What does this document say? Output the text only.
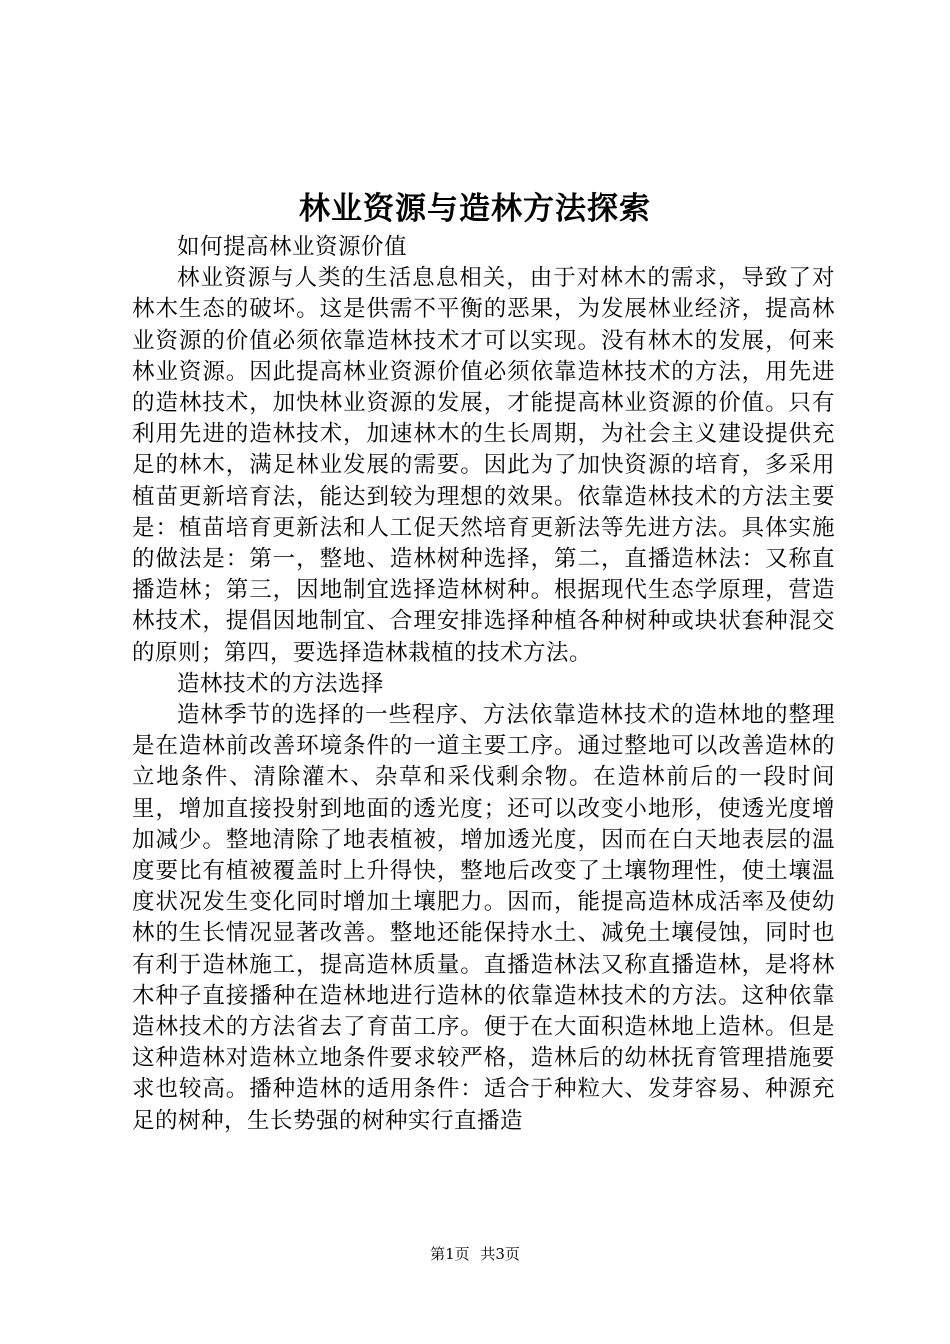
林业资源与造林方法探索

如何提高林业资源价值

林业资源与人类的生活息息相关，由于对林木的需求，导致了对林木生态的破坏。这是供需不平衡的恶果，为发展林业经济，提高林业资源的价值必须依靠造林技术才可以实现。没有林木的发展，何来林业资源。因此提高林业资源价值必须依靠造林技术的方法，用先进的造林技术，加快林业资源的发展，才能提高林业资源的价值。只有利用先进的造林技术，加速林木的生长周期，为社会主义建设提供充足的林木，满足林业发展的需要。因此为了加快资源的培育，多采用植苗更新培育法，能达到较为理想的效果。依靠造林技术的方法主要是：植苗培育更新法和人工促天然培育更新法等先进方法。具体实施的做法是：第一，整地、造林树种选择，第二，直播造林法：又称直播造林；第三，因地制宜选择造林树种。根据现代生态学原理，营造林技术，提倡因地制宜、合理安排选择种植各种树种或块状套种混交的原则；第四，要选择造林栽植的技术方法。

造林技术的方法选择

造林季节的选择的一些程序、方法依靠造林技术的造林地的整理是在造林前改善环境条件的一道主要工序。通过整地可以改善造林的立地条件、清除灌木、杂草和采伐剩余物。在造林前后的一段时间里，增加直接投射到地面的透光度；还可以改变小地形，使透光度增加减少。整地清除了地表植被，增加透光度，因而在白天地表层的温度要比有植被覆盖时上升得快，整地后改变了土壤物理性，使土壤温度状况发生变化同时增加土壤肥力。因而，能提高造林成活率及使幼林的生长情况显著改善。整地还能保持水土、减免土壤侵蚀，同时也有利于造林施工，提高造林质量。直播造林法又称直播造林，是将林木种子直接播种在造林地进行造林的依靠造林技术的方法。这种依靠造林技术的方法省去了育苗工序。便于在大面积造林地上造林。但是这种造林对造林立地条件要求较严格，造林后的幼林抚育管理措施要求也较高。播种造林的适用条件：适合于种粒大、发芽容易、种源充足的树种，生长势强的树种实行直播造

第1页 共3页
